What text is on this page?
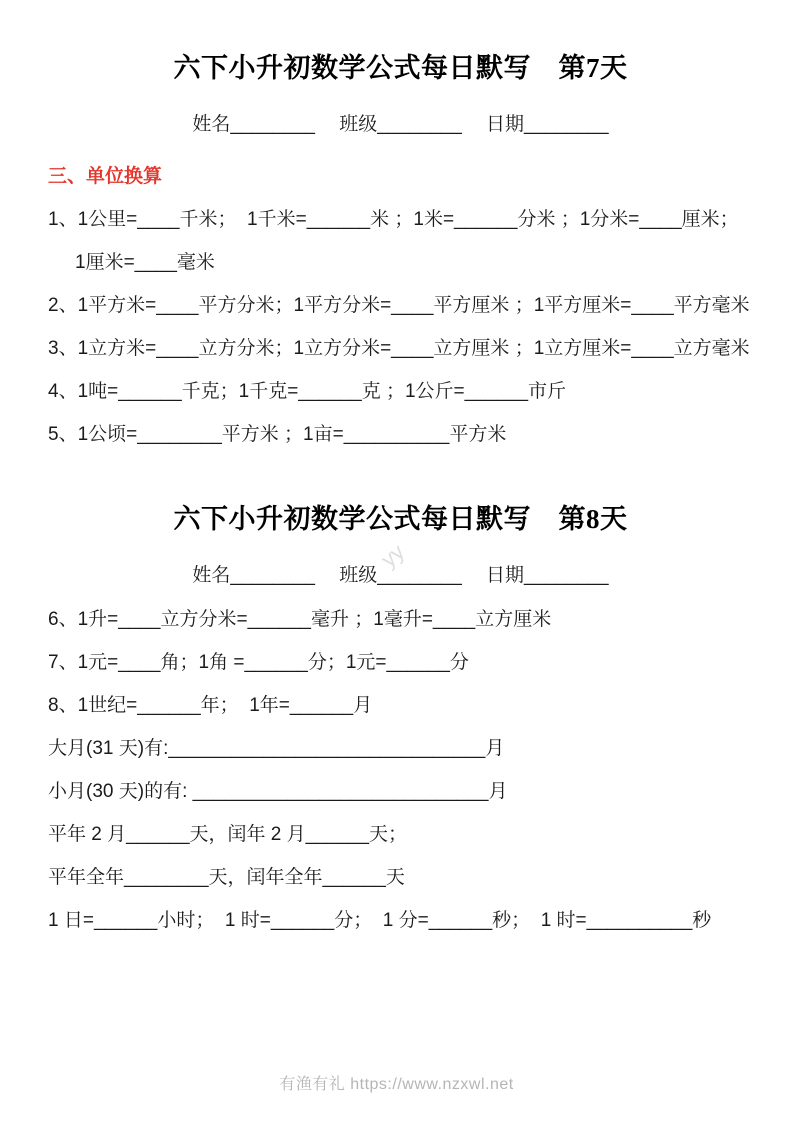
yy
六下小升初数学公式每日默写　第7天

姓名________　 班级________　 日期________

三、单位换算

1、1公里=____千米；  1千米=______米 ；1米=______分米 ；1分米=____厘米；

1厘米=____毫米

2、1平方米=____平方分米；1平方分米=____平方厘米 ；1平方厘米=____平方毫米

3、1立方米=____立方分米；1立方分米=____立方厘米 ；1立方厘米=____立方毫米

4、1吨=______千克；1千克=______克 ；1公斤=______市斤

5、1公顷=________平方米 ；1亩=__________平方米

六下小升初数学公式每日默写　第8天

姓名________　 班级________　 日期________

6、1升=____立方分米=______毫升 ；1毫升=____立方厘米

7、1元=____角；1角 =______分；1元=______分

8、1世纪=______年；  1年=______月

大月(31 天)有:______________________________月

小月(30 天)的有: ____________________________月

平年 2 月______天，闰年 2 月______天；

平年全年________天，闰年全年______天

1 日=______小时；  1 时=______分；  1 分=______秒；  1 时=__________秒

有渔有礼 https://www.nzxwl.net
